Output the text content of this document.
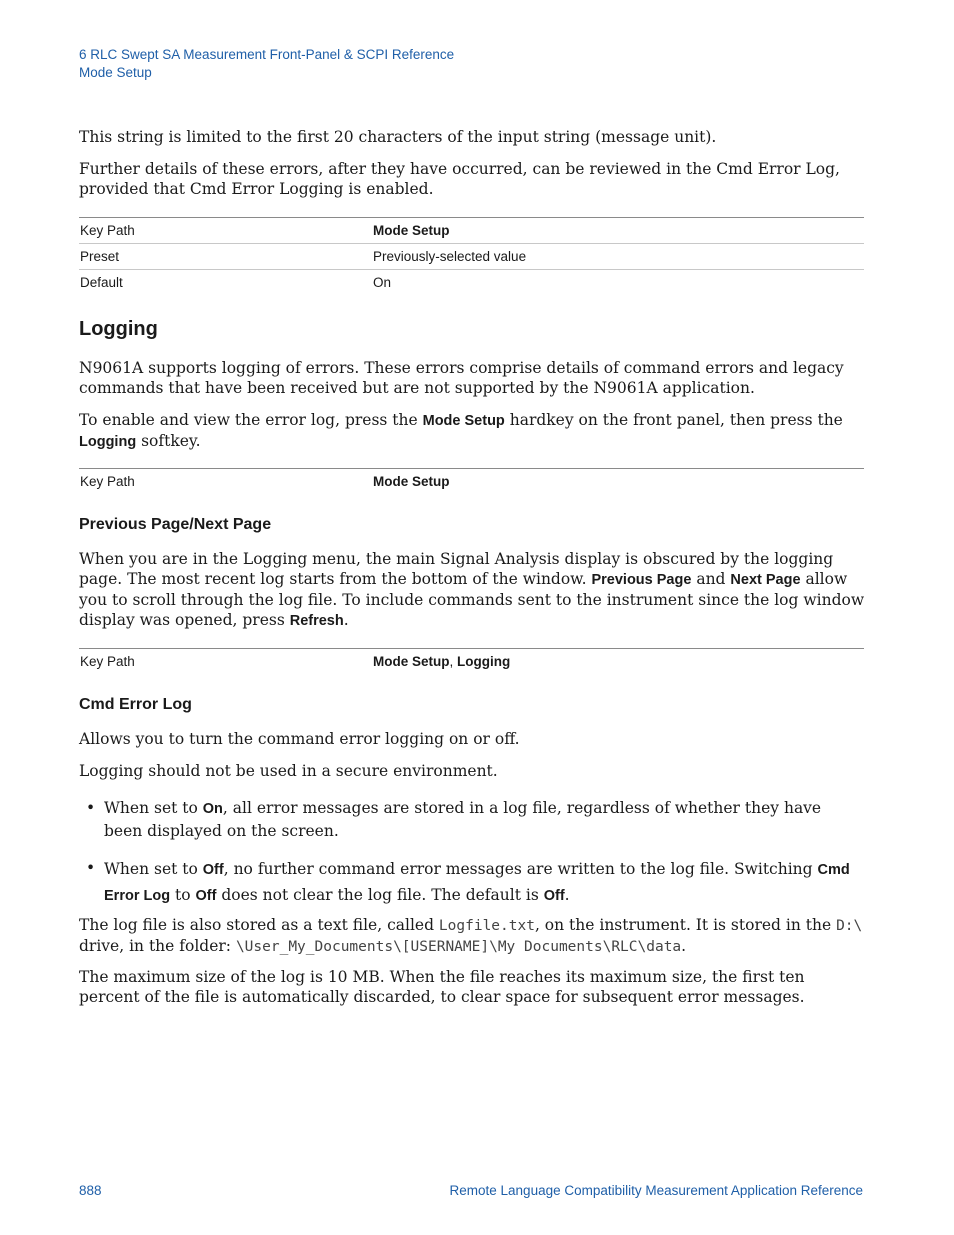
6 RLC Swept SA Measurement Front-Panel & SCPI Reference
Mode Setup
This string is limited to the first 20 characters of the input string (message unit).
Further details of these errors, after they have occurred, can be reviewed in the Cmd Error Log, provided that Cmd Error Logging is enabled.
Key Path	Mode Setup
Preset	Previously-selected value
Default	On
Logging
N9061A supports logging of errors. These errors comprise details of command errors and legacy commands that have been received but are not supported by the N9061A application.
To enable and view the error log, press the Mode Setup hardkey on the front panel, then press the Logging softkey.
Key Path	Mode Setup
Previous Page/Next Page
When you are in the Logging menu, the main Signal Analysis display is obscured by the logging page. The most recent log starts from the bottom of the window. Previous Page and Next Page allow you to scroll through the log file. To include commands sent to the instrument since the log window display was opened, press Refresh.
Key Path	Mode Setup, Logging
Cmd Error Log
Allows you to turn the command error logging on or off.
Logging should not be used in a secure environment.
• When set to On, all error messages are stored in a log file, regardless of whether they have been displayed on the screen.
• When set to Off, no further command error messages are written to the log file. Switching Cmd Error Log to Off does not clear the log file. The default is Off.
The log file is also stored as a text file, called Logfile.txt, on the instrument. It is stored in the D:\ drive, in the folder: \User_My_Documents\[USERNAME]\My Documents\RLC\data.
The maximum size of the log is 10 MB. When the file reaches its maximum size, the first ten percent of the file is automatically discarded, to clear space for subsequent error messages.
888	Remote Language Compatibility Measurement Application Reference
